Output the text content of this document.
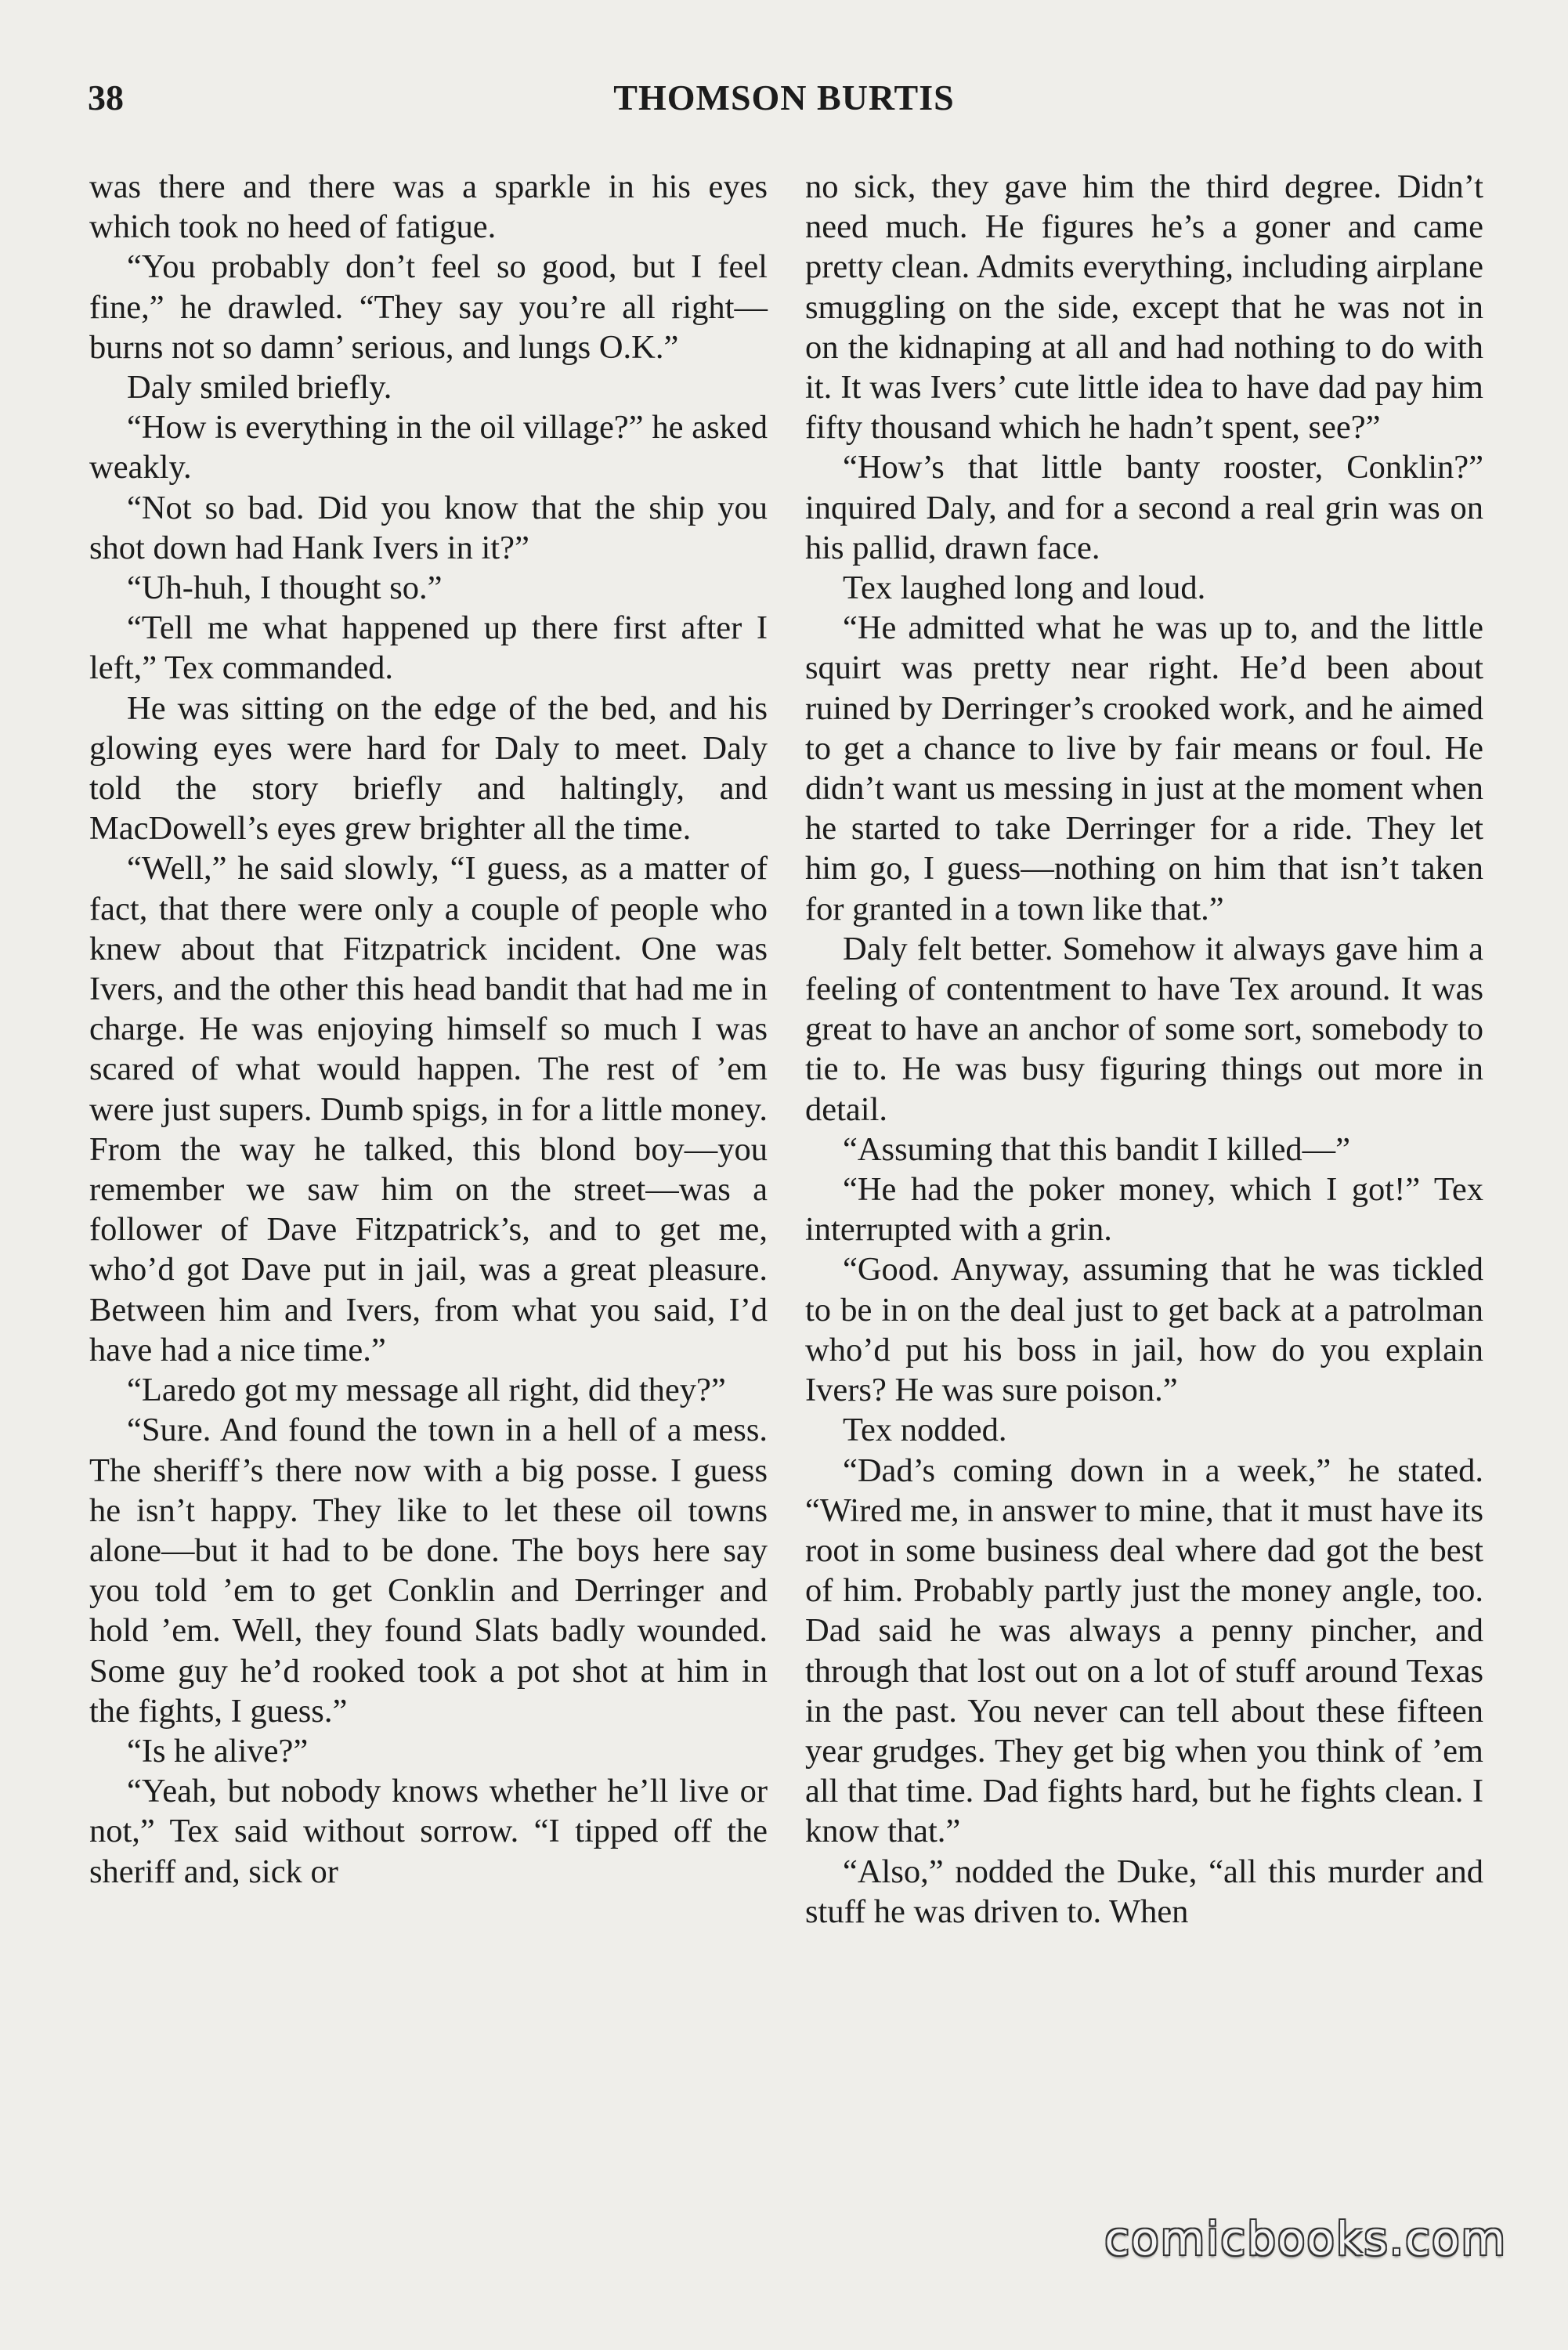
38	THOMSON BURTIS

was there and there was a sparkle in his eyes which took no heed of fatigue.

“You probably don’t feel so good, but I feel fine,” he drawled. “They say you’re all right—burns not so damn’ serious, and lungs O.K.”

Daly smiled briefly.

“How is everything in the oil village?” he asked weakly.

“Not so bad. Did you know that the ship you shot down had Hank Ivers in it?”

“Uh-huh, I thought so.”

“Tell me what happened up there first after I left,” Tex commanded.

He was sitting on the edge of the bed, and his glowing eyes were hard for Daly to meet. Daly told the story briefly and haltingly, and MacDowell’s eyes grew brighter all the time.

“Well,” he said slowly, “I guess, as a matter of fact, that there were only a couple of people who knew about that Fitzpatrick incident. One was Ivers, and the other this head bandit that had me in charge. He was enjoying himself so much I was scared of what would happen. The rest of ’em were just supers. Dumb spigs, in for a little money. From the way he talked, this blond boy—you remember we saw him on the street—was a follower of Dave Fitzpatrick’s, and to get me, who’d got Dave put in jail, was a great pleasure. Between him and Ivers, from what you said, I’d have had a nice time.”

“Laredo got my message all right, did they?”

“Sure. And found the town in a hell of a mess. The sheriff’s there now with a big posse. I guess he isn’t happy. They like to let these oil towns alone—but it had to be done. The boys here say you told ’em to get Conklin and Derringer and hold ’em. Well, they found Slats badly wounded. Some guy he’d rooked took a pot shot at him in the fights, I guess.”

“Is he alive?”

“Yeah, but nobody knows whether he’ll live or not,” Tex said without sorrow. “I tipped off the sheriff and, sick or

no sick, they gave him the third degree. Didn’t need much. He figures he’s a goner and came pretty clean. Admits everything, including airplane smuggling on the side, except that he was not in on the kidnaping at all and had nothing to do with it. It was Ivers’ cute little idea to have dad pay him fifty thousand which he hadn’t spent, see?”

“How’s that little banty rooster, Conklin?” inquired Daly, and for a second a real grin was on his pallid, drawn face.

Tex laughed long and loud.

“He admitted what he was up to, and the little squirt was pretty near right. He’d been about ruined by Derringer’s crooked work, and he aimed to get a chance to live by fair means or foul. He didn’t want us messing in just at the moment when he started to take Derringer for a ride. They let him go, I guess—nothing on him that isn’t taken for granted in a town like that.”

Daly felt better. Somehow it always gave him a feeling of contentment to have Tex around. It was great to have an anchor of some sort, somebody to tie to. He was busy figuring things out more in detail.

“Assuming that this bandit I killed—”

“He had the poker money, which I got!” Tex interrupted with a grin.

“Good. Anyway, assuming that he was tickled to be in on the deal just to get back at a patrolman who’d put his boss in jail, how do you explain Ivers? He was sure poison.”

Tex nodded.

“Dad’s coming down in a week,” he stated. “Wired me, in answer to mine, that it must have its root in some business deal where dad got the best of him. Probably partly just the money angle, too. Dad said he was always a penny pincher, and through that lost out on a lot of stuff around Texas in the past. You never can tell about these fifteen year grudges. They get big when you think of ’em all that time. Dad fights hard, but he fights clean. I know that.”

“Also,” nodded the Duke, “all this murder and stuff he was driven to. When

comicbooks.com
